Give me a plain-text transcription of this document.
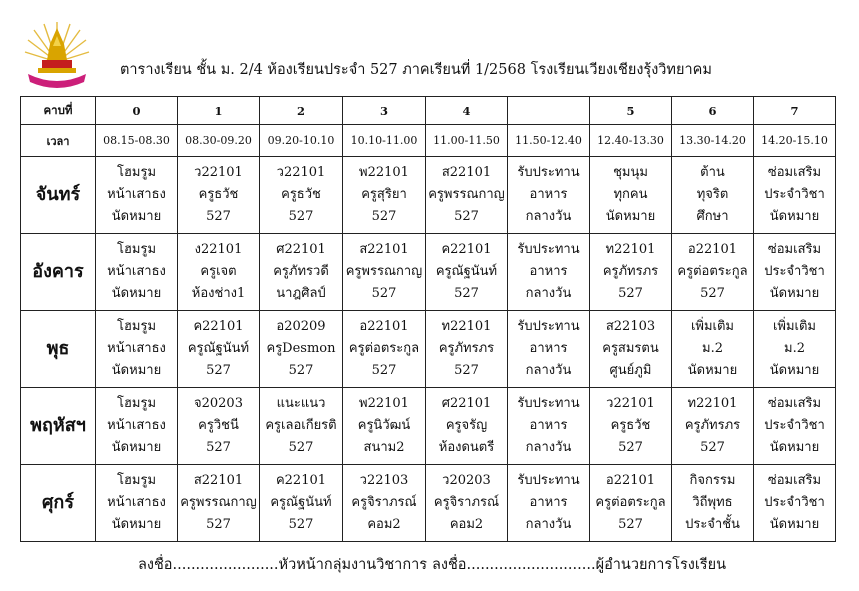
ตารางเรียน ชั้น ม. 2/4 ห้องเรียนประจำ 527 ภาคเรียนที่ 1/2568 โรงเรียนเวียงเชียงรุ้งวิทยาคม
คาบที่	0	1	2	3	4		5	6	7
เวลา	08.15-08.30	08.30-09.20	09.20-10.10	10.10-11.00	11.00-11.50	11.50-12.40	12.40-13.30	13.30-14.20	14.20-15.10
จันทร์	โฮมรูม
หน้าเสาธง
นัดหมาย	ว22101
ครูธวัช
527	ว22101
ครูธวัช
527	พ22101
ครูสุริยา
527	ส22101
ครูพรรณกาญ
527	รับประทาน
อาหาร
กลางวัน	ชุมนุม
ทุกคน
นัดหมาย	ต้าน
ทุจริต
ศึกษา	ซ่อมเสริม
ประจำวิชา
นัดหมาย

อังคาร	โฮมรูม
หน้าเสาธง
นัดหมาย	ง22101
ครูเจต
ห้องช่าง1	ศ22101
ครูภัทรวดี
นาฎศิลป์	ส22101
ครูพรรณกาญ
527	ค22101
ครูณัฐนันท์
527	รับประทาน
อาหาร
กลางวัน	ท22101
ครูภัทรภร
527	อ22101
ครูต่อตระกูล
527	ซ่อมเสริม
ประจำวิชา
นัดหมาย

พุธ	โฮมรูม
หน้าเสาธง
นัดหมาย	ค22101
ครูณัฐนันท์
527	อ20209
ครูDesmon
527	อ22101
ครูต่อตระกูล
527	ท22101
ครูภัทรภร
527	รับประทาน
อาหาร
กลางวัน	ส22103
ครูสมรตน
ศูนย์ภูมิ	เพิ่มเติม
ม.2
นัดหมาย	เพิ่มเติม
ม.2
นัดหมาย

พฤหัสฯ	โฮมรูม
หน้าเสาธง
นัดหมาย	จ20203
ครูวิชนี
527	แนะแนว
ครูเลอเกียรติ
527	พ22101
ครูนิวัฒน์
สนาม2	ศ22101
ครูจรัญ
ห้องดนตรี	รับประทาน
อาหาร
กลางวัน	ว22101
ครูธวัช
527	ท22101
ครูภัทรภร
527	ซ่อมเสริม
ประจำวิชา
นัดหมาย

ศุกร์	โฮมรูม
หน้าเสาธง
นัดหมาย	ส22101
ครูพรรณกาญ
527	ค22101
ครูณัฐนันท์
527	ว22103
ครูจิราภรณ์
คอม2	ว20203
ครูจิราภรณ์
คอม2	รับประทาน
อาหาร
กลางวัน	อ22101
ครูต่อตระกูล
527	กิจกรรม
วิถีพุทธ
ประจำชั้น	ซ่อมเสริม
ประจำวิชา
นัดหมาย
ลงชื่อ.......................หัวหน้ากลุ่มงานวิชาการ ลงชื่อ............................ผู้อำนวยการโรงเรียน
